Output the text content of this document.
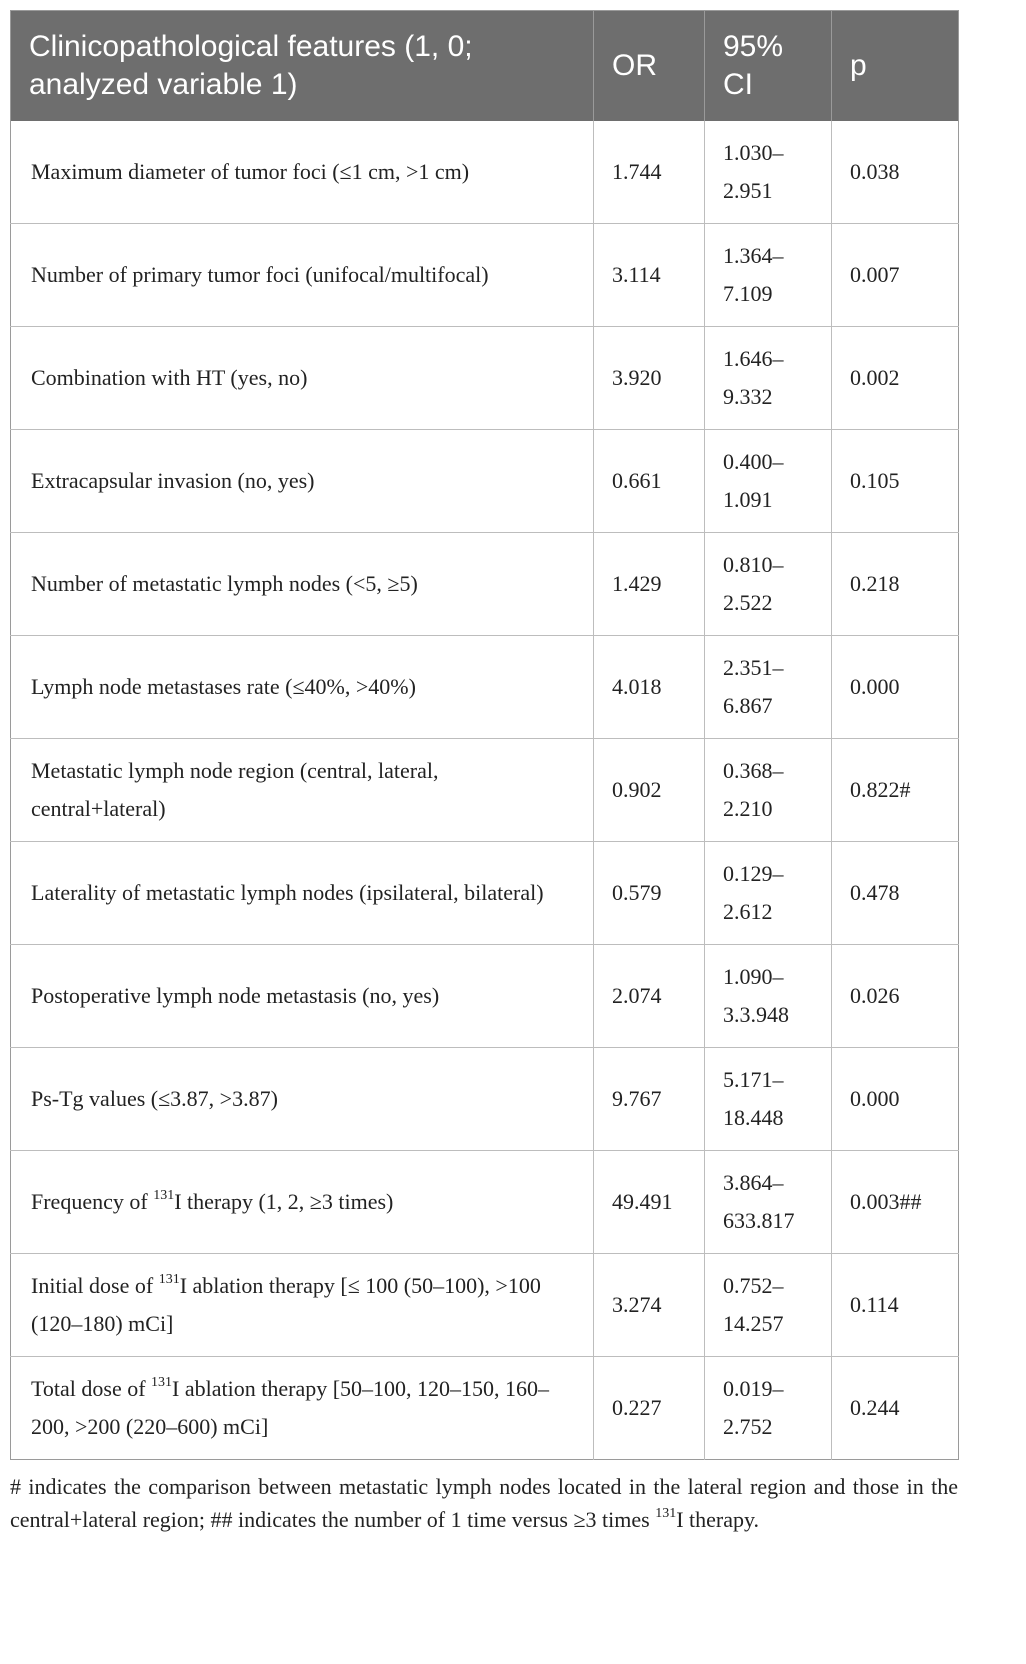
Clinicopathological features (1, 0; analyzed variable 1)	OR	95% CI	p
Maximum diameter of tumor foci (≤1 cm, >1 cm)	1.744	1.030–2.951	0.038
Number of primary tumor foci (unifocal/multifocal)	3.114	1.364–7.109	0.007
Combination with HT (yes, no)	3.920	1.646–9.332	0.002
Extracapsular invasion (no, yes)	0.661	0.400–1.091	0.105
Number of metastatic lymph nodes (<5, ≥5)	1.429	0.810–2.522	0.218
Lymph node metastases rate (≤40%, >40%)	4.018	2.351–6.867	0.000
Metastatic lymph node region (central, lateral, central+lateral)	0.902	0.368–2.210	0.822#
Laterality of metastatic lymph nodes (ipsilateral, bilateral)	0.579	0.129–2.612	0.478
Postoperative lymph node metastasis (no, yes)	2.074	1.090–3.3.948	0.026
Ps-Tg values (≤3.87, >3.87)	9.767	5.171–18.448	0.000
Frequency of $^{131}$I therapy (1, 2, ≥3 times)	49.491	3.864–633.817	0.003##
Initial dose of $^{131}$I ablation therapy [≤ 100 (50–100), >100 (120–180) mCi]	3.274	0.752–14.257	0.114
Total dose of $^{131}$I ablation therapy [50–100, 120–150, 160–200, >200 (220–600) mCi]	0.227	0.019–2.752	0.244

# indicates the comparison between metastatic lymph nodes located in the lateral region and those in the central+lateral region; ## indicates the number of 1 time versus ≥3 times $^{131}$I therapy.
